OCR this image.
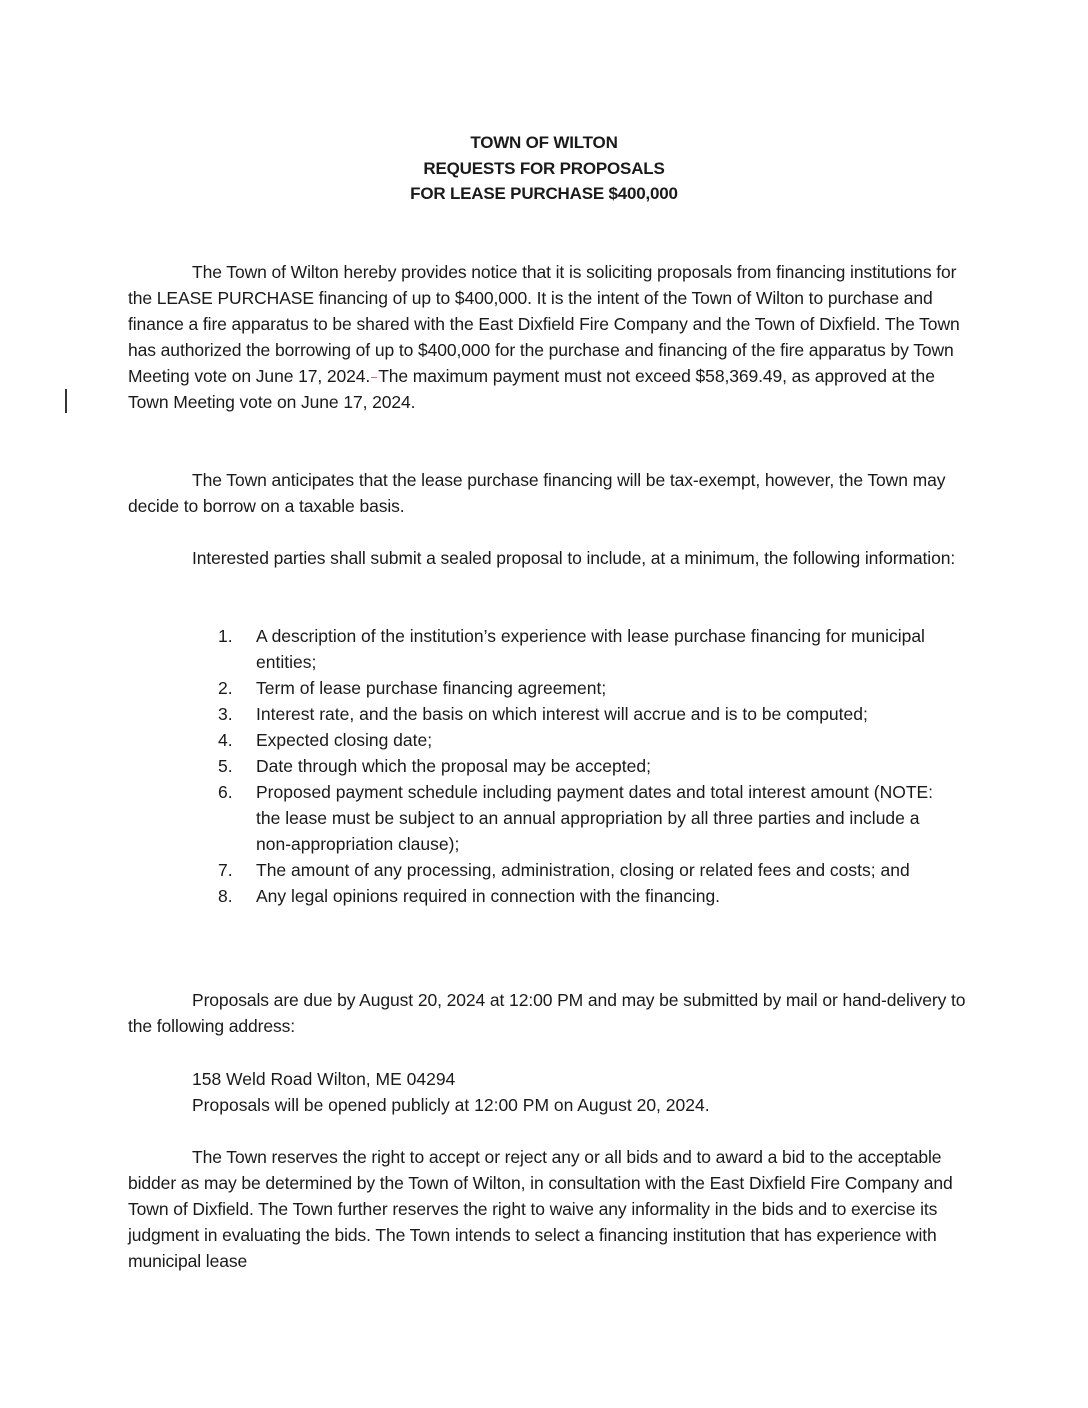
TOWN OF WILTON
REQUESTS FOR PROPOSALS
FOR LEASE PURCHASE $400,000

The Town of Wilton hereby provides notice that it is soliciting proposals from financing institutions for the LEASE PURCHASE financing of up to $400,000. It is the intent of the Town of Wilton to purchase and finance a fire apparatus to be shared with the East Dixfield Fire Company and the Town of Dixfield. The Town has authorized the borrowing of up to $400,000 for the purchase and financing of the fire apparatus by Town Meeting vote on June 17, 2024. The maximum payment must not exceed $58,369.49, as approved at the Town Meeting vote on June 17, 2024.

The Town anticipates that the lease purchase financing will be tax-exempt, however, the Town may decide to borrow on a taxable basis.

Interested parties shall submit a sealed proposal to include, at a minimum, the following information:

1.	A description of the institution’s experience with lease purchase financing for municipal entities;
2.	Term of lease purchase financing agreement;
3.	Interest rate, and the basis on which interest will accrue and is to be computed;
4.	Expected closing date;
5.	Date through which the proposal may be accepted;
6.	Proposed payment schedule including payment dates and total interest amount (NOTE: the lease must be subject to an annual appropriation by all three parties and include a non-appropriation clause);
7.	The amount of any processing, administration, closing or related fees and costs; and
8.	Any legal opinions required in connection with the financing.

Proposals are due by August 20, 2024 at 12:00 PM and may be submitted by mail or hand-delivery to the following address:

158 Weld Road Wilton, ME 04294
Proposals will be opened publicly at 12:00 PM on August 20, 2024.

The Town reserves the right to accept or reject any or all bids and to award a bid to the acceptable bidder as may be determined by the Town of Wilton, in consultation with the East Dixfield Fire Company and Town of Dixfield. The Town further reserves the right to waive any informality in the bids and to exercise its judgment in evaluating the bids. The Town intends to select a financing institution that has experience with municipal lease
